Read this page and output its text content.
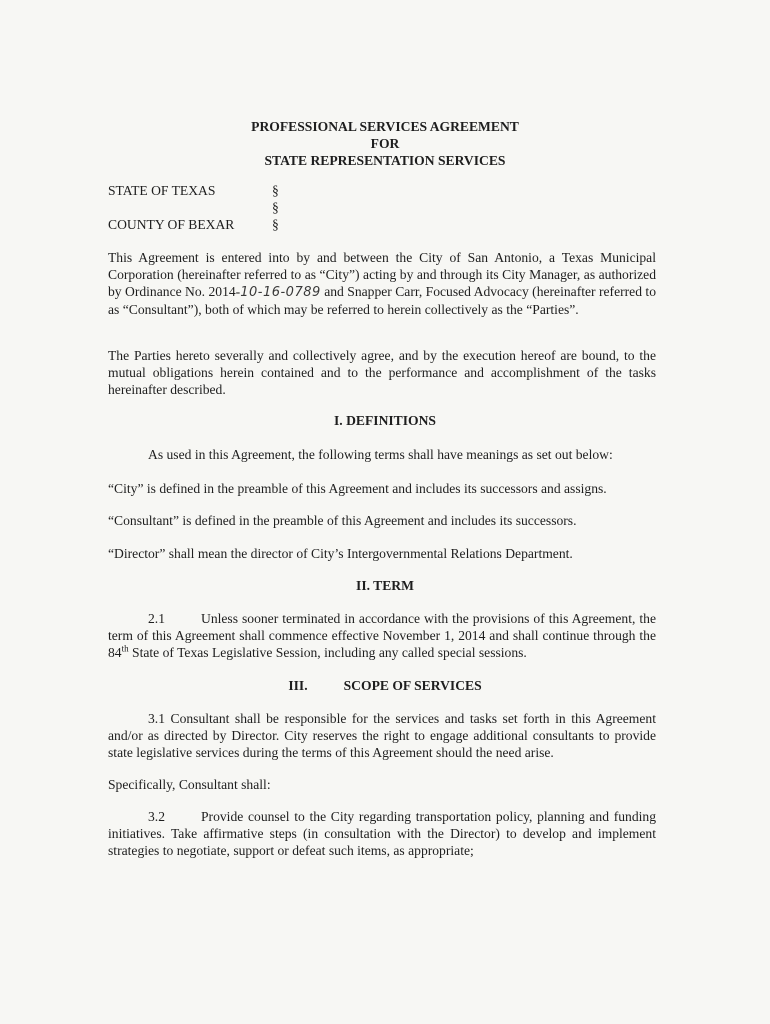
PROFESSIONAL SERVICES AGREEMENT

FOR

STATE REPRESENTATION SERVICES

STATE OF TEXAS	§

§

COUNTY OF BEXAR	§

This Agreement is entered into by and between the City of San Antonio, a Texas Municipal Corporation (hereinafter referred to as “City”) acting by and through its City Manager, as authorized by Ordinance No. 2014-10-16-0789 and Snapper Carr, Focused Advocacy (hereinafter referred to as “Consultant”), both of which may be referred to herein collectively as the “Parties”.

The Parties hereto severally and collectively agree, and by the execution hereof are bound, to the mutual obligations herein contained and to the performance and accomplishment of the tasks hereinafter described.

I. DEFINITIONS

As used in this Agreement, the following terms shall have meanings as set out below:

“City” is defined in the preamble of this Agreement and includes its successors and assigns.

“Consultant” is defined in the preamble of this Agreement and includes its successors.

“Director” shall mean the director of City’s Intergovernmental Relations Department.

II. TERM

2.1	Unless sooner terminated in accordance with the provisions of this Agreement, the term of this Agreement shall commence effective November 1, 2014 and shall continue through the 84th State of Texas Legislative Session, including any called special sessions.

III.	SCOPE OF SERVICES

3.1 Consultant shall be responsible for the services and tasks set forth in this Agreement and/or as directed by Director. City reserves the right to engage additional consultants to provide state legislative services during the terms of this Agreement should the need arise.

Specifically, Consultant shall:

3.2	Provide counsel to the City regarding transportation policy, planning and funding initiatives. Take affirmative steps (in consultation with the Director) to develop and implement strategies to negotiate, support or defeat such items, as appropriate;
